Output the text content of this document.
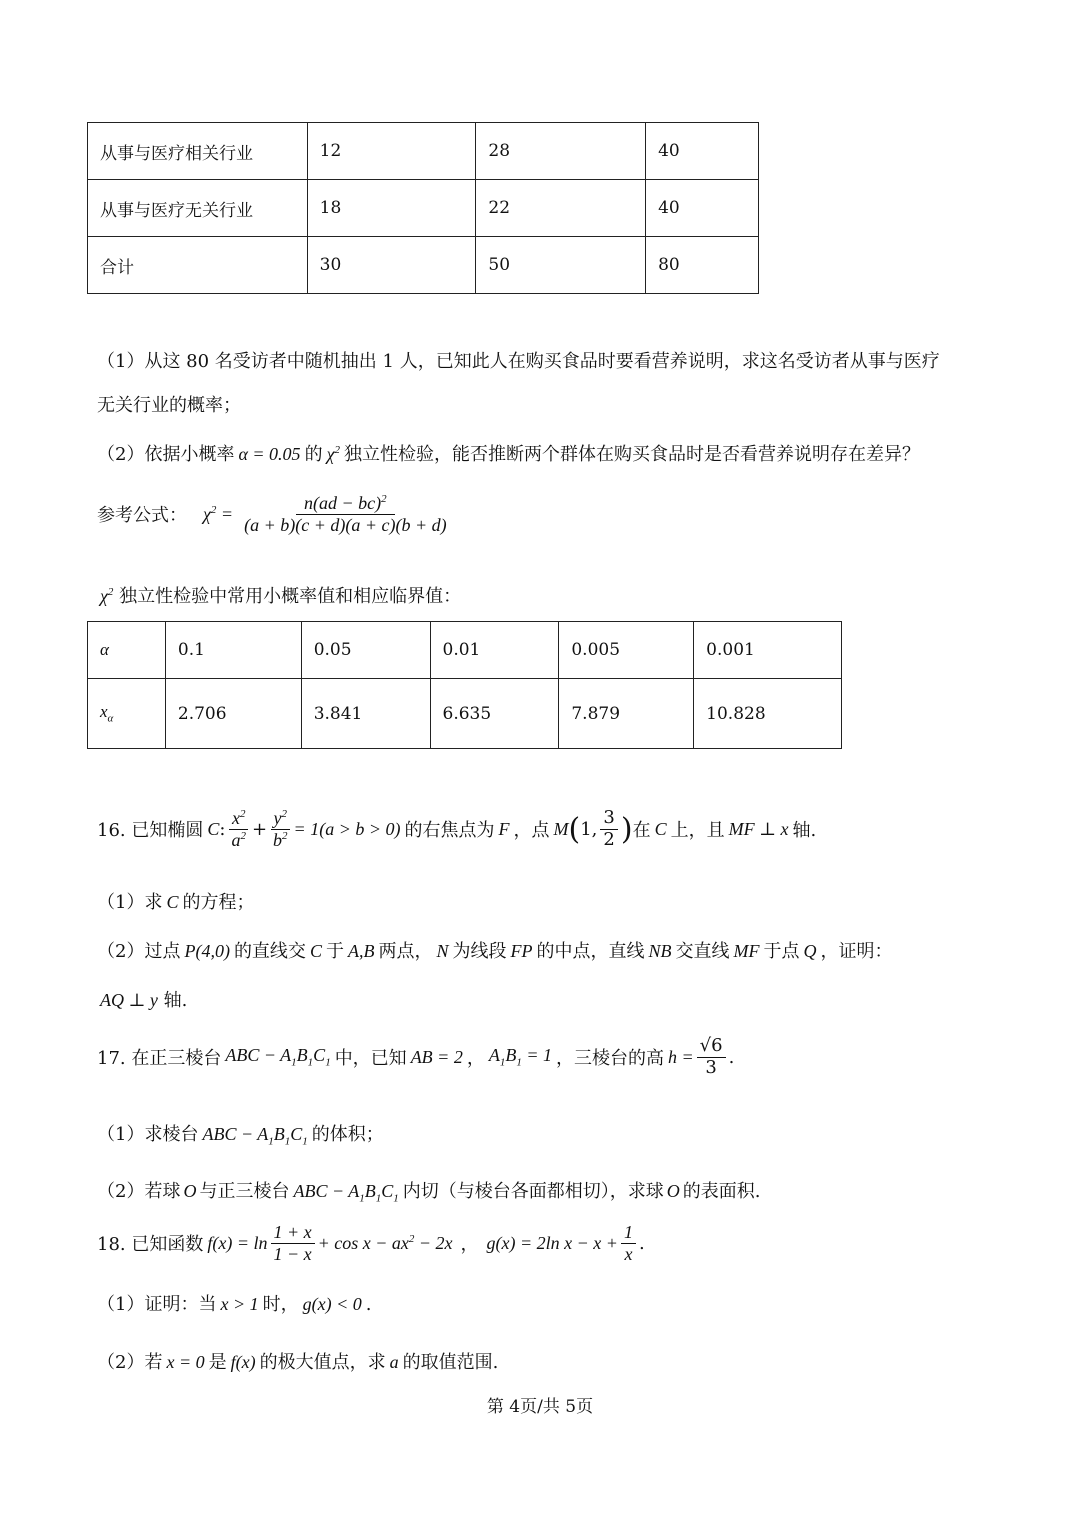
从事与医疗相关行业	12	28	40
从事与医疗无关行业	18	22	40
合计	30	50	80
（1）从这 80 名受访者中随机抽出 1 人，已知此人在购买食品时要看营养说明，求这名受访者从事与医疗
无关行业的概率；
（2）依据小概率 α = 0.05 的 $\chi^2$ 独立性检验，能否推断两个群体在购买食品时是否看营养说明存在差异？
参考公式： $\chi^2 = \frac{n(ad - bc)^2}{(a + b)(c + d)(a + c)(b + d)}$
$\chi^2$ 独立性检验中常用小概率值和相应临界值：
α	0.1	0.05	0.01	0.005	0.001
$x_\alpha$	2.706	3.841	6.635	7.879	10.828
16. 已知椭圆 C : $\frac{x^2}{a^2} + \frac{y^2}{b^2} = 1(a > b > 0)$ 的右焦点为 F ，点 M ( 1, $\frac{3}{2}$ ) 在 C 上，且 MF ⊥ x 轴.
（1）求 C 的方程；
（2）过点 P(4,0) 的直线交 C 于 A,B 两点， N 为线段 FP 的中点，直线 NB 交直线 MF 于点 Q ，证明：
AQ ⊥ y 轴.
17. 在正三棱台 ABC − $A_1B_1C_1$ 中，已知 AB = 2 ， $A_1B_1 = 1$ ，三棱台的高 $h = \frac{√6}{3}$ .
（1）求棱台 ABC − $A_1B_1C_1$ 的体积；
（2）若球 O 与正三棱台 ABC − $A_1B_1C_1$ 内切（与棱台各面都相切），求球 O 的表面积.
18. 已知函数 $f(x) = \ln \frac{1 + x}{1 - x} + \cos x - ax^2 - 2x$ ， g(x) = 2ln $x - x + \frac{1}{x}$ .
（1）证明：当 x > 1 时， g(x) < 0 .
（2）若 x = 0 是 f(x) 的极大值点，求 a 的取值范围.
第 4页/共 5页
